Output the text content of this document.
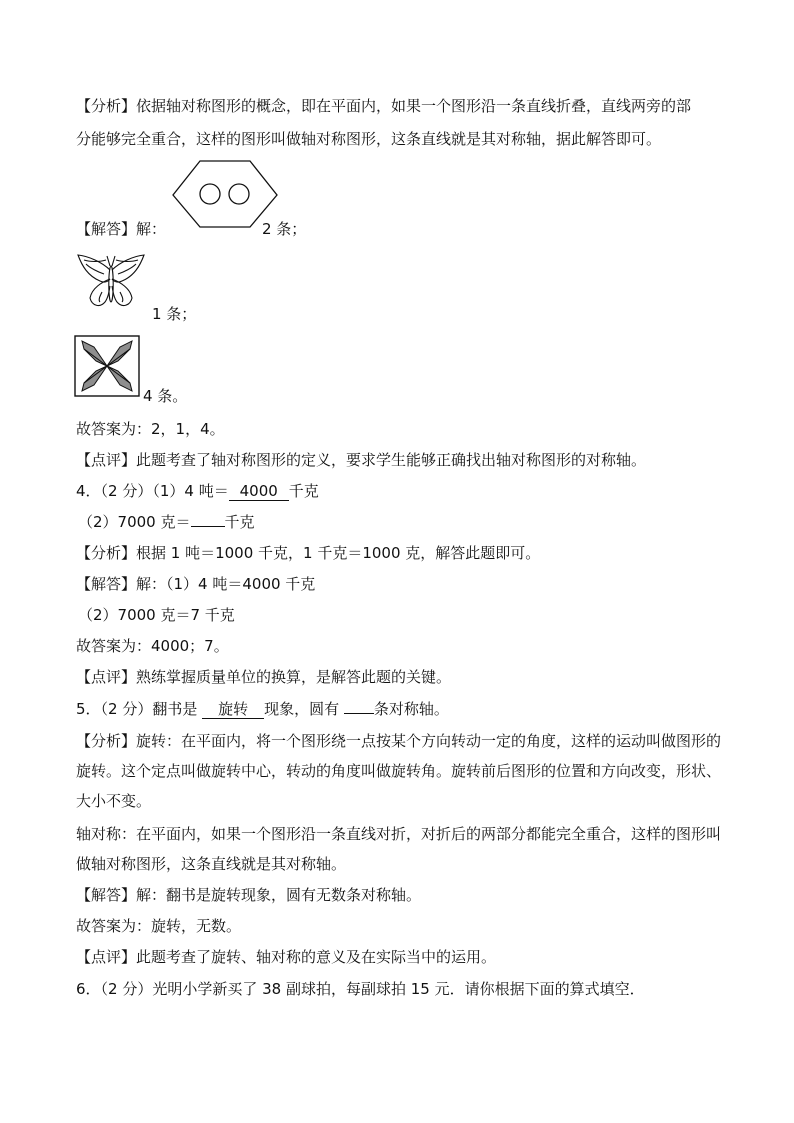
【分析】依据轴对称图形的概念，即在平面内，如果一个图形沿一条直线折叠，直线两旁的部
分能够完全重合，这样的图形叫做轴对称图形，这条直线就是其对称轴，据此解答即可。
【解答】解：	2 条；
1 条；
4 条。
故答案为：2，1，4。
【点评】此题考查了轴对称图形的定义，要求学生能够正确找出轴对称图形的对称轴。
4．（2 分）（1）4 吨＝ 4000 千克
（2）7000 克＝ 千克
【分析】根据 1 吨＝1000 千克，1 千克＝1000 克，解答此题即可。
【解答】解：（1）4 吨＝4000 千克
（2）7000 克＝7 千克
故答案为：4000；7。
【点评】熟练掌握质量单位的换算，是解答此题的关键。
5．（2 分）翻书是 旋转 现象，圆有 条对称轴。
【分析】旋转：在平面内，将一个图形绕一点按某个方向转动一定的角度，这样的运动叫做图形的旋转。这个定点叫做旋转中心，转动的角度叫做旋转角。旋转前后图形的位置和方向改变，形状、大小不变。
轴对称：在平面内，如果一个图形沿一条直线对折，对折后的两部分都能完全重合，这样的图形叫做轴对称图形，这条直线就是其对称轴。
【解答】解：翻书是旋转现象，圆有无数条对称轴。
故答案为：旋转，无数。
【点评】此题考查了旋转、轴对称的意义及在实际当中的运用。
6．（2 分）光明小学新买了 38 副球拍，每副球拍 15 元．请你根据下面的算式填空．
